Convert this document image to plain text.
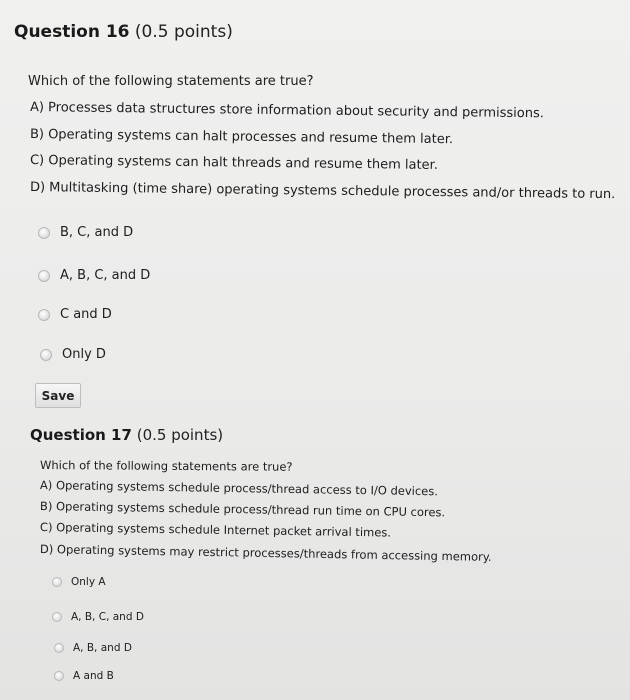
Question 16 (0.5 points)
Which of the following statements are true?
A) Processes data structures store information about security and permissions.
B) Operating systems can halt processes and resume them later.
C) Operating systems can halt threads and resume them later.
D) Multitasking (time share) operating systems schedule processes and/or threads to run.
B, C, and D
A, B, C, and D
C and D
Only D
Save
Question 17 (0.5 points)
Which of the following statements are true?
A) Operating systems schedule process/thread access to I/O devices.
B) Operating systems schedule process/thread run time on CPU cores.
C) Operating systems schedule Internet packet arrival times.
D) Operating systems may restrict processes/threads from accessing memory.
Only A
A, B, C, and D
A, B, and D
A and B
